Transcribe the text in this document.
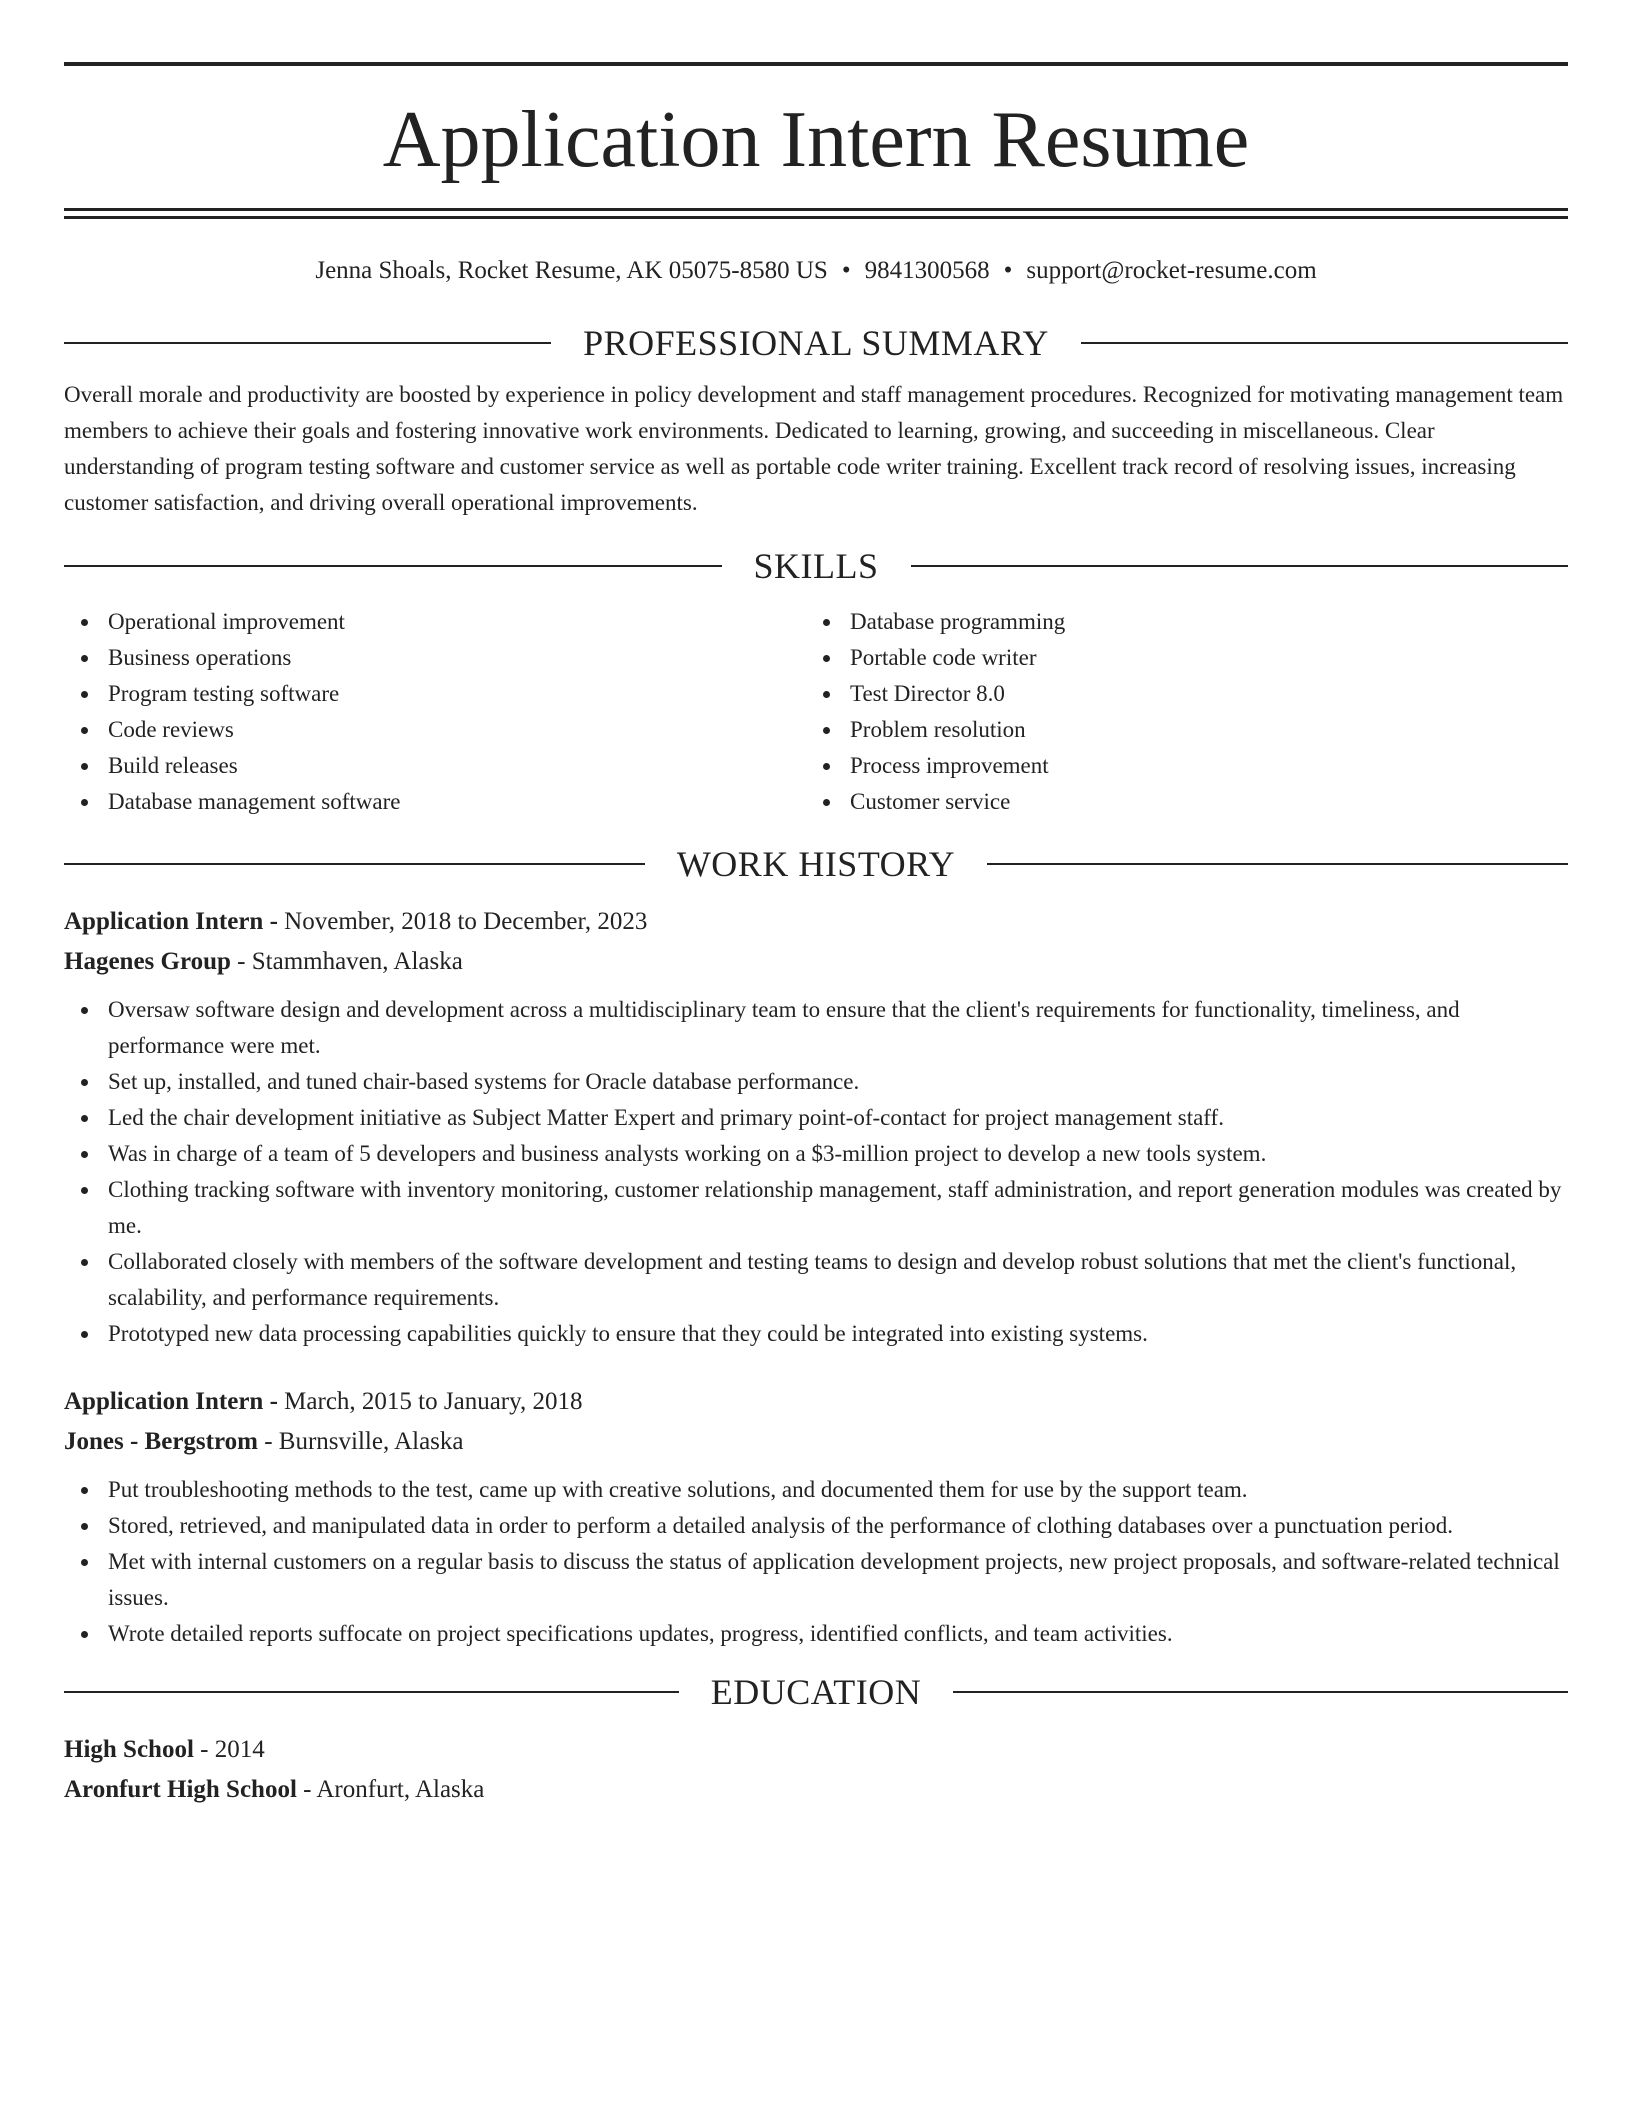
Application Intern Resume
Jenna Shoals, Rocket Resume, AK 05075-8580 US • 9841300568 • support@rocket-resume.com
PROFESSIONAL SUMMARY

Overall morale and productivity are boosted by experience in policy development and staff management procedures. Recognized for motivating management team members to achieve their goals and fostering innovative work environments. Dedicated to learning, growing, and succeeding in miscellaneous. Clear understanding of program testing software and customer service as well as portable code writer training. Excellent track record of resolving issues, increasing customer satisfaction, and driving overall operational improvements.

SKILLS
Operational improvement
Business operations
Program testing software
Code reviews
Build releases
Database management software
Database programming
Portable code writer
Test Director 8.0
Problem resolution
Process improvement
Customer service
WORK HISTORY
Application Intern - November, 2018 to December, 2023
Hagenes Group - Stammhaven, Alaska
Oversaw software design and development across a multidisciplinary team to ensure that the client's requirements for functionality, timeliness, and performance were met.
Set up, installed, and tuned chair-based systems for Oracle database performance.
Led the chair development initiative as Subject Matter Expert and primary point-of-contact for project management staff.
Was in charge of a team of 5 developers and business analysts working on a $3-million project to develop a new tools system.
Clothing tracking software with inventory monitoring, customer relationship management, staff administration, and report generation modules was created by me.
Collaborated closely with members of the software development and testing teams to design and develop robust solutions that met the client's functional, scalability, and performance requirements.
Prototyped new data processing capabilities quickly to ensure that they could be integrated into existing systems.
Application Intern - March, 2015 to January, 2018
Jones - Bergstrom - Burnsville, Alaska
Put troubleshooting methods to the test, came up with creative solutions, and documented them for use by the support team.
Stored, retrieved, and manipulated data in order to perform a detailed analysis of the performance of clothing databases over a punctuation period.
Met with internal customers on a regular basis to discuss the status of application development projects, new project proposals, and software-related technical issues.
Wrote detailed reports suffocate on project specifications updates, progress, identified conflicts, and team activities.
EDUCATION
High School - 2014
Aronfurt High School - Aronfurt, Alaska
